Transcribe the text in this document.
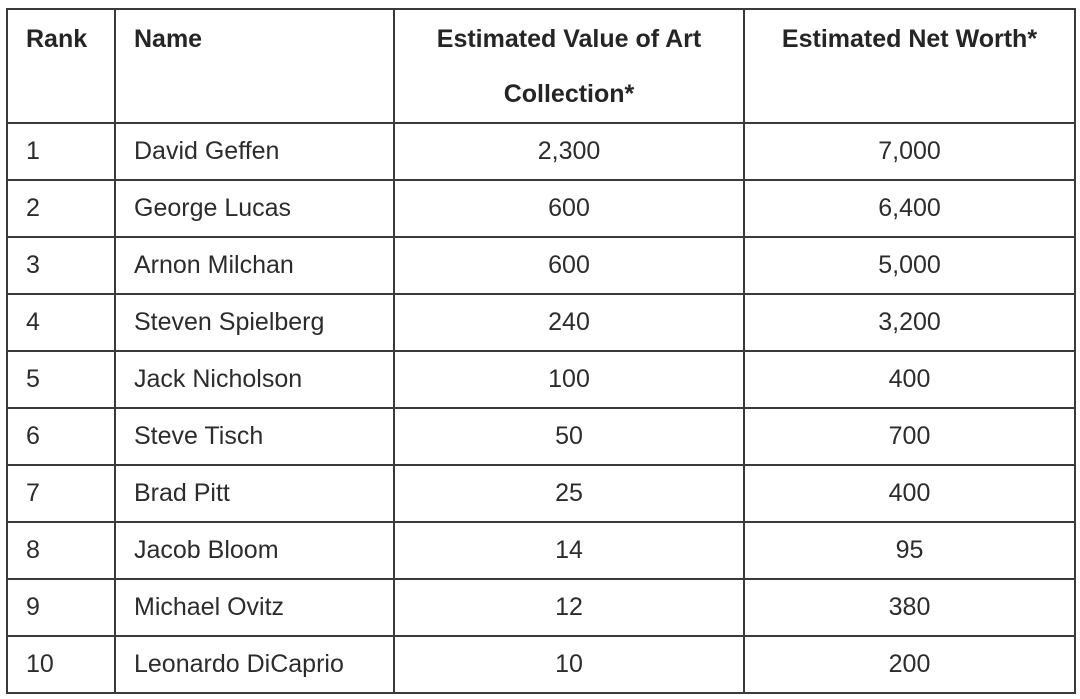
Rank	Name	Estimated Value of Art Collection*	Estimated Net Worth*
1	David Geffen	2,300	7,000
2	George Lucas	600	6,400
3	Arnon Milchan	600	5,000
4	Steven Spielberg	240	3,200
5	Jack Nicholson	100	400
6	Steve Tisch	50	700
7	Brad Pitt	25	400
8	Jacob Bloom	14	95
9	Michael Ovitz	12	380
10	Leonardo DiCaprio	10	200
